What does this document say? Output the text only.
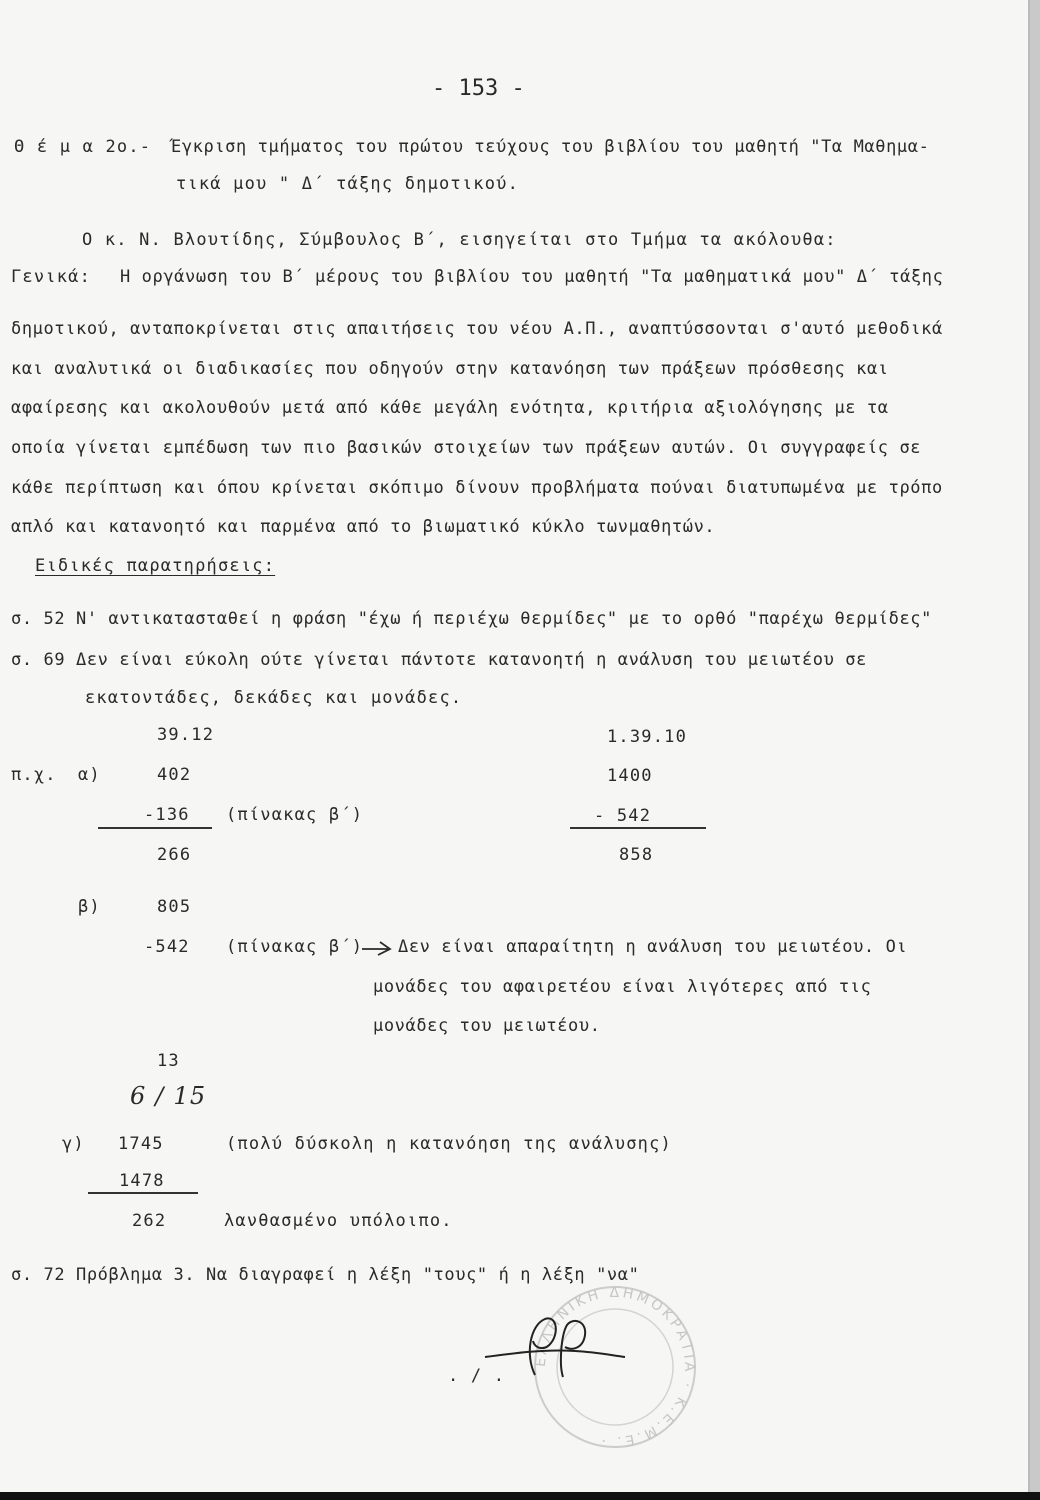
- 153 -
Θ έ μ α 2ο.- Έγκριση τμήματος του πρώτου τεύχους του βιβλίου του μαθητή "Τα Μαθημα-
τικά μου " Δ΄ τάξης δημοτικού.
Ο κ. Ν. Βλουτίδης, Σύμβουλος Β΄, εισηγείται στο Τμήμα τα ακόλουθα:
Γενικά: Η οργάνωση του Β΄ μέρους του βιβλίου του μαθητή "Τα μαθηματικά μου" Δ΄ τάξης
δημοτικού, ανταποκρίνεται στις απαιτήσεις του νέου Α.Π., αναπτύσσονται σ'αυτό μεθοδικά
και αναλυτικά οι διαδικασίες που οδηγούν στην κατανόηση των πράξεων πρόσθεσης και
αφαίρεσης και ακολουθούν μετά από κάθε μεγάλη ενότητα, κριτήρια αξιολόγησης με τα
οποία γίνεται εμπέδωση των πιο βασικών στοιχείων των πράξεων αυτών. Οι συγγραφείς σε
κάθε περίπτωση και όπου κρίνεται σκόπιμο δίνουν προβλήματα πούναι διατυπωμένα με τρόπο
απλό και κατανοητό και παρμένα από το βιωματικό κύκλο τωνμαθητών.
Ειδικές παρατηρήσεις:
σ. 52 Ν' αντικατασταθεί η φράση "έχω ή περιέχω θερμίδες" με το ορθό "παρέχω θερμίδες"
σ. 69 Δεν είναι εύκολη ούτε γίνεται πάντοτε κατανοητή η ανάλυση του μειωτέου σε
εκατοντάδες, δεκάδες και μονάδες.
39.12
π.χ. α)	402
-136 (πίνακας β΄)
266
1.39.10
1400
- 542
858
β)	805
-542 (πίνακας β΄) Δεν είναι απαραίτητη η ανάλυση του μειωτέου. Οι
μονάδες του αφαιρετέου είναι λιγότερες από τις
μονάδες του μειωτέου.
13
6 ∕ 15
γ) 1745	(πολύ δύσκολη η κατανόηση της ανάλυσης)
1478
262	λανθασμένο υπόλοιπο.
σ. 72 Πρόβλημα 3. Να διαγραφεί η λέξη "τους" ή η λέξη "να"
. / .
ΕΛΛΗΝΙΚΗ ΔΗΜΟΚΡΑΤΙΑ · Κ.Ε.Μ.Ε. ·
